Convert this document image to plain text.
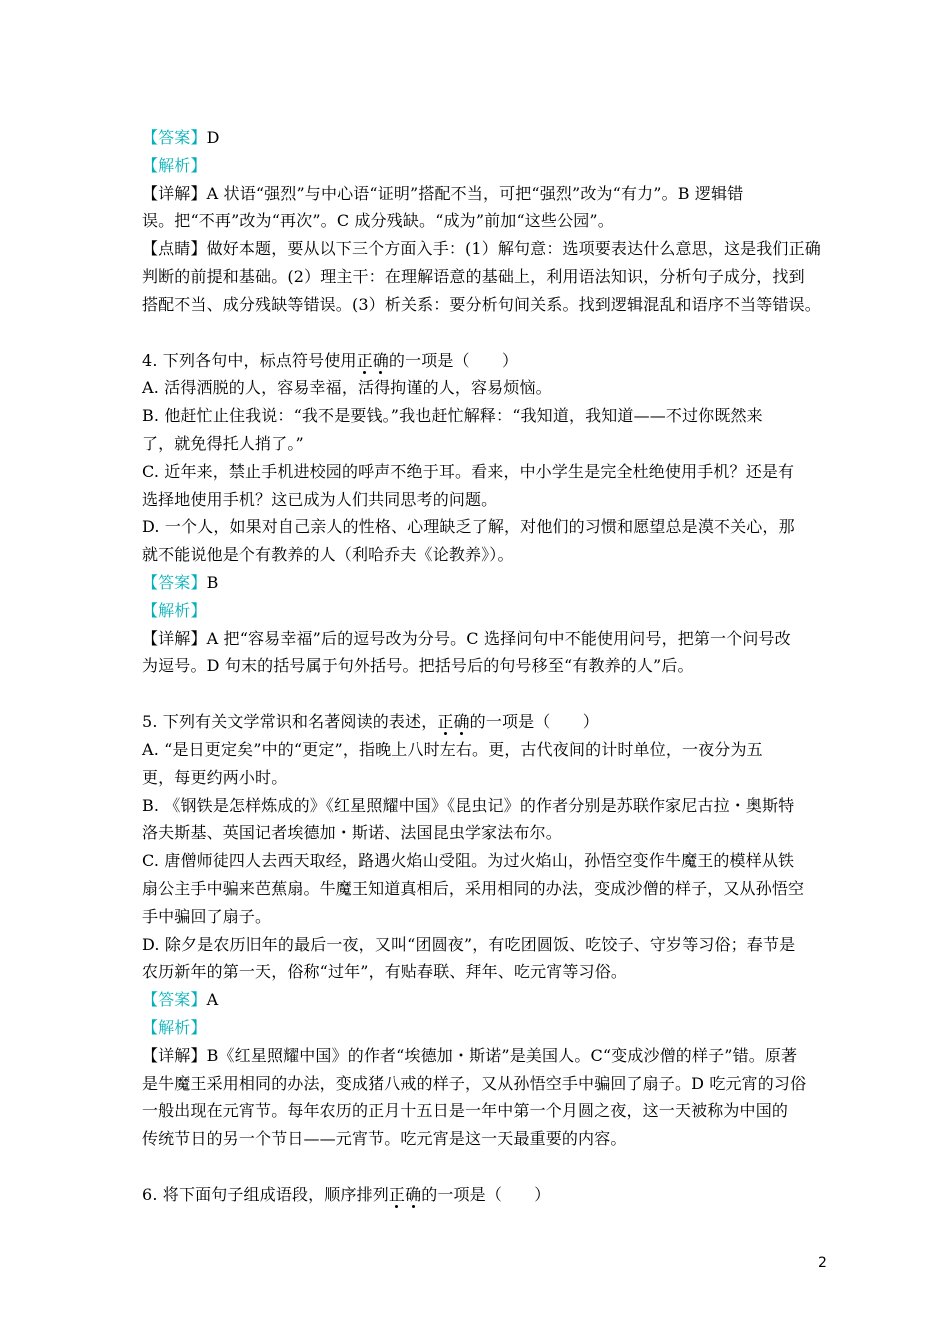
【答案】D

【解析】

【详解】A 状语“强烈”与中心语“证明”搭配不当，可把“强烈”改为“有力”。B 逻辑错

误。把“不再”改为“再次”。C 成分残缺。“成为”前加“这些公园”。

【点睛】做好本题，要从以下三个方面入手：(1）解句意：选项要表达什么意思，这是我们正确

判断的前提和基础。(2）理主干：在理解语意的基础上，利用语法知识，分析句子成分，找到

搭配不当、成分残缺等错误。(3）析关系：要分析句间关系。找到逻辑混乱和语序不当等错误。

4. 下列各句中，标点符号使用正确的一项是（　　）

A. 活得洒脱的人，容易幸福，活得拘谨的人，容易烦恼。

B. 他赶忙止住我说：“我不是要钱。”我也赶忙解释：“我知道，我知道——不过你既然来

了，就免得托人捎了。”

C. 近年来，禁止手机进校园的呼声不绝于耳。看来，中小学生是完全杜绝使用手机？还是有

选择地使用手机？这已成为人们共同思考的问题。

D. 一个人，如果对自己亲人的性格、心理缺乏了解，对他们的习惯和愿望总是漠不关心，那

就不能说他是个有教养的人（利哈乔夫《论教养》）。

【答案】B

【解析】

【详解】A 把“容易幸福”后的逗号改为分号。C 选择问句中不能使用问号，把第一个问号改

为逗号。D 句末的括号属于句外括号。把括号后的句号移至“有教养的人”后。

5. 下列有关文学常识和名著阅读的表述，正确的一项是（　　）

A. “是日更定矣”中的“更定”，指晚上八时左右。更，古代夜间的计时单位，一夜分为五

更，每更约两小时。

B. 《钢铁是怎样炼成的》《红星照耀中国》《昆虫记》的作者分别是苏联作家尼古拉・奥斯特

洛夫斯基、英国记者埃德加・斯诺、法国昆虫学家法布尔。

C. 唐僧师徒四人去西天取经，路遇火焰山受阻。为过火焰山，孙悟空变作牛魔王的模样从铁

扇公主手中骗来芭蕉扇。牛魔王知道真相后，采用相同的办法，变成沙僧的样子，又从孙悟空

手中骗回了扇子。

D. 除夕是农历旧年的最后一夜，又叫“团圆夜”，有吃团圆饭、吃饺子、守岁等习俗；春节是

农历新年的第一天，俗称“过年”，有贴春联、拜年、吃元宵等习俗。

【答案】A

【解析】

【详解】B《红星照耀中国》的作者“埃德加・斯诺”是美国人。C“变成沙僧的样子”错。原著

是牛魔王采用相同的办法，变成猪八戒的样子，又从孙悟空手中骗回了扇子。D 吃元宵的习俗

一般出现在元宵节。每年农历的正月十五日是一年中第一个月圆之夜，这一天被称为中国的

传统节日的另一个节日——元宵节。吃元宵是这一天最重要的内容。

6. 将下面句子组成语段，顺序排列正确的一项是（　　）

2
